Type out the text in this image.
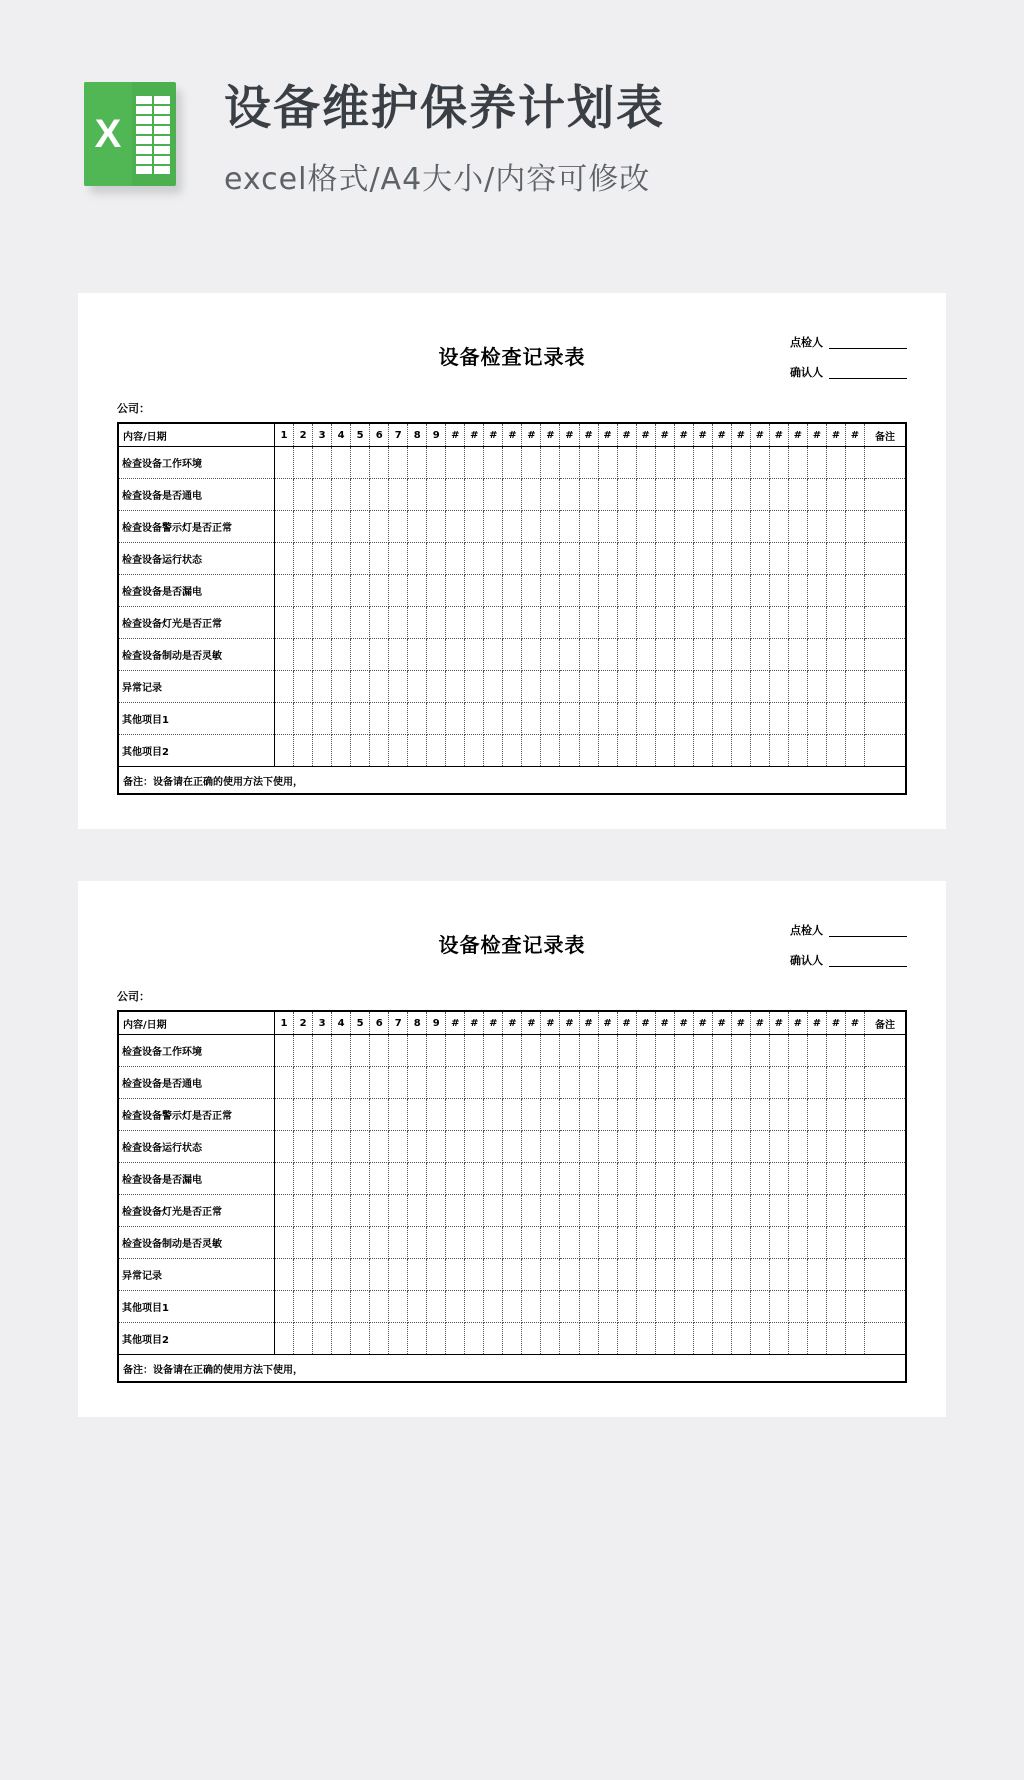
X 设备维护保养计划表
excel格式/A4大小/内容可修改
点检人
确认人
设备检查记录表
公司：
内容/日期	1	2	3	4	5	6	7	8	9	#	#	#	#	#	#	#	#	#	#	#	#	#	#	#	#	#	#	#	#	#	#	备注
检查设备工作环境																																
检查设备是否通电																																
检查设备警示灯是否正常																																
检查设备运行状态																																
检查设备是否漏电																																
检查设备灯光是否正常																																
检查设备制动是否灵敏																																
异常记录																																
其他项目1																																
其他项目2																																
备注：设备请在正确的使用方法下使用，																																
点检人
确认人
设备检查记录表
公司：
内容/日期	1	2	3	4	5	6	7	8	9	#	#	#	#	#	#	#	#	#	#	#	#	#	#	#	#	#	#	#	#	#	#	备注
检查设备工作环境																																
检查设备是否通电																																
检查设备警示灯是否正常																																
检查设备运行状态																																
检查设备是否漏电																																
检查设备灯光是否正常																																
检查设备制动是否灵敏																																
异常记录																																
其他项目1																																
其他项目2																																
备注：设备请在正确的使用方法下使用，																																
